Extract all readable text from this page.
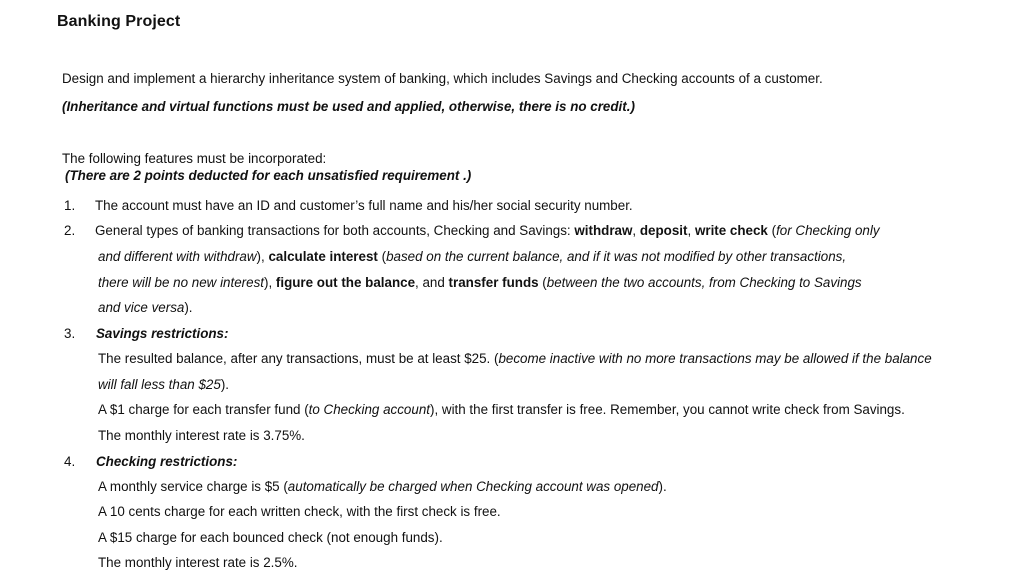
Banking Project
Design and implement a hierarchy inheritance system of banking, which includes Savings and Checking accounts of a customer.
(Inheritance and virtual functions must be used and applied, otherwise, there is no credit.)
The following features must be incorporated:
(There are 2 points deducted for each unsatisfied requirement .)
1. The account must have an ID and customer’s full name and his/her social security number.
2. General types of banking transactions for both accounts, Checking and Savings: withdraw, deposit, write check (for Checking only
and different with withdraw), calculate interest (based on the current balance, and if it was not modified by other transactions,
there will be no new interest), figure out the balance, and transfer funds (between the two accounts, from Checking to Savings
and vice versa).
3. Savings restrictions:
The resulted balance, after any transactions, must be at least $25. (become inactive with no more transactions may be allowed if the balance
will fall less than $25).
A $1 charge for each transfer fund (to Checking account), with the first transfer is free. Remember, you cannot write check from Savings.
The monthly interest rate is 3.75%.
4. Checking restrictions:
A monthly service charge is $5 (automatically be charged when Checking account was opened).
A 10 cents charge for each written check, with the first check is free.
A $15 charge for each bounced check (not enough funds).
The monthly interest rate is 2.5%.
